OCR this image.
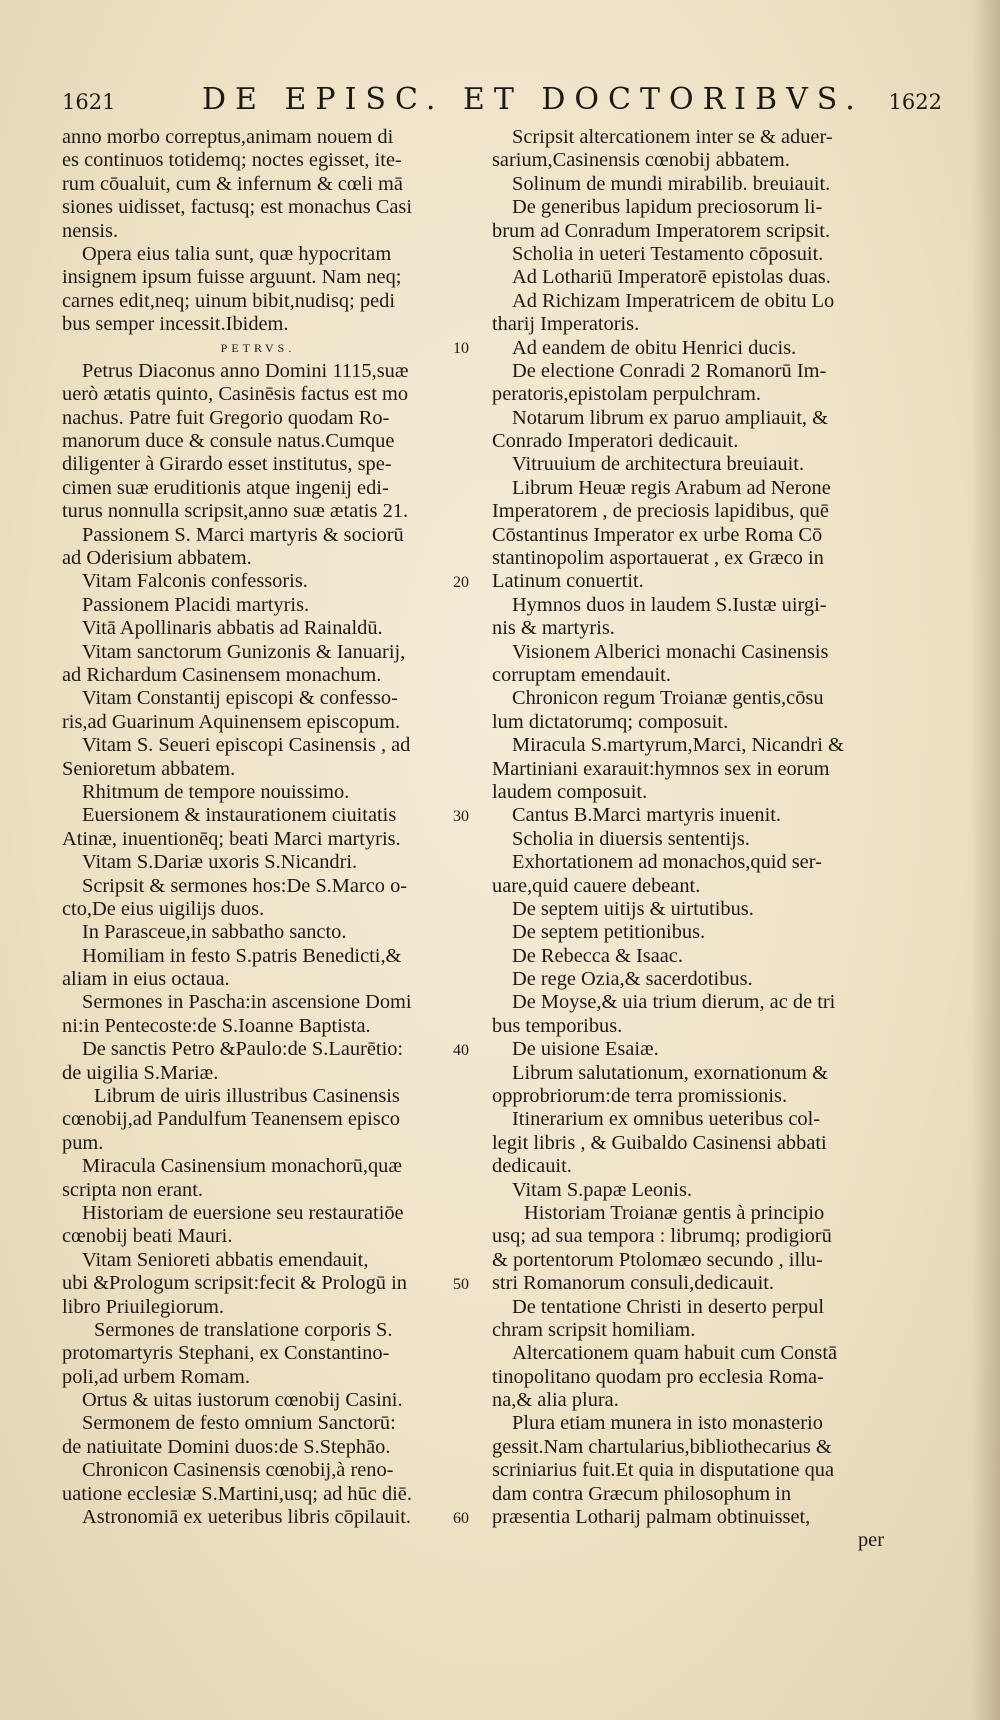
1621	DE EPISC. ET DOCTORIBVS. 1622
anno morbo correptus,animam nouem di
es continuos totidemq; noctes egisset, ite-
rum cōualuit, cum & infernum & cœli mā
siones uidisset, factusq; est monachus Casi
nensis.
Opera eius talia sunt, quæ hypocritam
insignem ipsum fuisse arguunt. Nam neq;
carnes edit,neq; uinum bibit,nudisq; pedi
bus semper incessit.Ibidem.
PETRVS.
Petrus Diaconus anno Domini 1115,suæ
uerò ætatis quinto, Casinēsis factus est mo
nachus. Patre fuit Gregorio quodam Ro-
manorum duce & consule natus.Cumque
diligenter à Girardo esset institutus, spe-
cimen suæ eruditionis atque ingenij edi-
turus nonnulla scripsit,anno suæ ætatis 21.
Passionem S. Marci martyris & sociorū
ad Oderisium abbatem.
Vitam Falconis confessoris.
Passionem Placidi martyris.
Vitā Apollinaris abbatis ad Rainaldū.
Vitam sanctorum Gunizonis & Ianuarij,
ad Richardum Casinensem monachum.
Vitam Constantij episcopi & confesso-
ris,ad Guarinum Aquinensem episcopum.
Vitam S. Seueri episcopi Casinensis , ad
Senioretum abbatem.
Rhitmum de tempore nouissimo.
Euersionem & instaurationem ciuitatis
Atinæ, inuentionēq; beati Marci martyris.
Vitam S.Dariæ uxoris S.Nicandri.
Scripsit & sermones hos:De S.Marco o-
cto,De eius uigilijs duos.
In Parasceue,in sabbatho sancto.
Homiliam in festo S.patris Benedicti,&
aliam in eius octaua.
Sermones in Pascha:in ascensione Domi
ni:in Pentecoste:de S.Ioanne Baptista.
De sanctis Petro &Paulo:de S.Laurētio:
de uigilia S.Mariæ.
Librum de uiris illustribus Casinensis
cœnobij,ad Pandulfum Teanensem episco
pum.
Miracula Casinensium monachorū,quæ
scripta non erant.
Historiam de euersione seu restauratiōe
cœnobij beati Mauri.
Vitam Senioreti abbatis emendauit,
ubi &Prologum scripsit:fecit & Prologū in
libro Priuilegiorum.
Sermones de translatione corporis S.
protomartyris Stephani, ex Constantino-
poli,ad urbem Romam.
Ortus & uitas iustorum cœnobij Casini.
Sermonem de festo omnium Sanctorū:
de natiuitate Domini duos:de S.Stephāo.
Chronicon Casinensis cœnobij,à reno-
uatione ecclesiæ S.Martini,usq; ad hūc diē.
Astronomiā ex ueteribus libris cōpilauit.
Scripsit altercationem inter se & aduer-
sarium,Casinensis cœnobij abbatem.
Solinum de mundi mirabilib. breuiauit.
De generibus lapidum preciosorum li-
brum ad Conradum Imperatorem scripsit.
Scholia in ueteri Testamento cōposuit.
Ad Lothariū Imperatorē epistolas duas.
Ad Richizam Imperatricem de obitu Lo
tharij Imperatoris.
Ad eandem de obitu Henrici ducis.
De electione Conradi 2 Romanorū Im-
peratoris,epistolam perpulchram.
Notarum librum ex paruo ampliauit, &
Conrado Imperatori dedicauit.
Vitruuium de architectura breuiauit.
Librum Heuæ regis Arabum ad Nerone
Imperatorem , de preciosis lapidibus, quē
Cōstantinus Imperator ex urbe Roma Cō
stantinopolim asportauerat , ex Græco in
Latinum conuertit.
Hymnos duos in laudem S.Iustæ uirgi-
nis & martyris.
Visionem Alberici monachi Casinensis
corruptam emendauit.
Chronicon regum Troianæ gentis,cōsu
lum dictatorumq; composuit.
Miracula S.martyrum,Marci, Nicandri &
Martiniani exarauit:hymnos sex in eorum
laudem composuit.
Cantus B.Marci martyris inuenit.
Scholia in diuersis sententijs.
Exhortationem ad monachos,quid ser-
uare,quid cauere debeant.
De septem uitijs & uirtutibus.
De septem petitionibus.
De Rebecca & Isaac.
De rege Ozia,& sacerdotibus.
De Moyse,& uia trium dierum, ac de tri
bus temporibus.
De uisione Esaiæ.
Librum salutationum, exornationum &
opprobriorum:de terra promissionis.
Itinerarium ex omnibus ueteribus col-
legit libris , & Guibaldo Casinensi abbati
dedicauit.
Vitam S.papæ Leonis.
Historiam Troianæ gentis à principio
usq; ad sua tempora : librumq; prodigiorū
& portentorum Ptolomæo secundo , illu-
stri Romanorum consuli,dedicauit.
De tentatione Christi in deserto perpul
chram scripsit homiliam.
Altercationem quam habuit cum Constā
tinopolitano quodam pro ecclesia Roma-
na,& alia plura.
Plura etiam munera in isto monasterio
gessit.Nam chartularius,bibliothecarius &
scriniarius fuit.Et quia in disputatione qua
dam contra Græcum philosophum in
præsentia Lotharij palmam obtinuisset,
per
10
20
30
40
50
60
